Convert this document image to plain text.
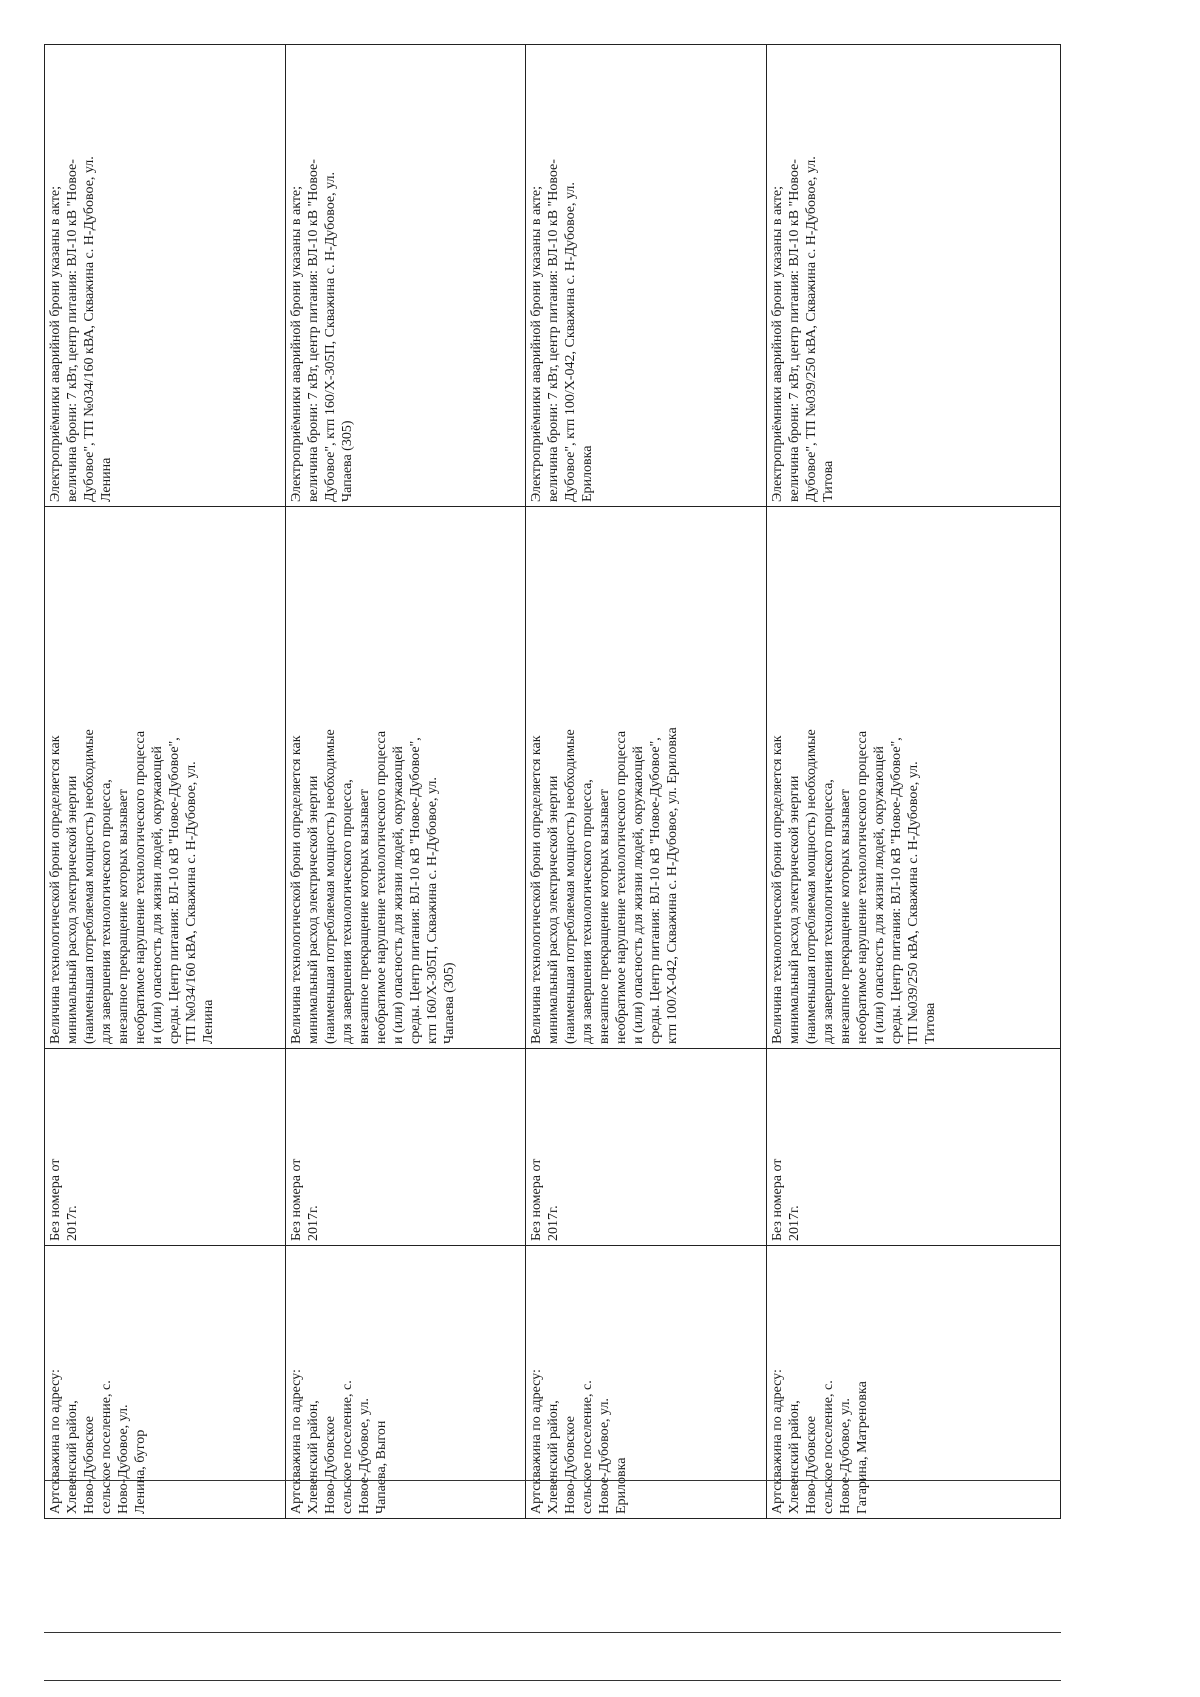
Артскважина по адресу:
Хлевенский район,
Ново-Дубовское
сельское поселение, с.
Ново-Дубовое, ул.
Ленина, бугор
Без номера от
2017г.
Величина технологической брони определяется как
минимальный расход электрической энергии
(наименьшая потребляемая мощность) необходимые
для завершения технологического процесса,
внезапное прекращение которых вызывает
необратимое нарушение технологического процесса
и (или) опасность для жизни людей, окружающей
среды. Центр питания: ВЛ-10 кВ "Новое-Дубовое",
ТП №034/160 кВА, Скважина с. Н-Дубовое, ул.
Ленина
Электроприёмники аварийной брони указаны в акте;
величина брони: 7 кВт, центр питания: ВЛ-10 кВ "Новое-
Дубовое", ТП №034/160 кВА, Скважина с. Н-Дубовое, ул.
Ленина
Артскважина по адресу:
Хлевенский район,
Ново-Дубовское
сельское поселение, с.
Новое-Дубовое, ул.
Чапаева, Выгон
Без номера от
2017г.
Величина технологической брони определяется как
минимальный расход электрической энергии
(наименьшая потребляемая мощность) необходимые
для завершения технологического процесса,
внезапное прекращение которых вызывает
необратимое нарушение технологического процесса
и (или) опасность для жизни людей, окружающей
среды. Центр питания: ВЛ-10 кВ "Новое-Дубовое",
ктп 160/Х-305П, Скважина с. Н-Дубовое, ул.
Чапаева (305)
Электроприёмники аварийной брони указаны в акте;
величина брони: 7 кВт, центр питания: ВЛ-10 кВ "Новое-
Дубовое", ктп 160/Х-305П, Скважина с. Н-Дубовое, ул.
Чапаева (305)
Артскважина по адресу:
Хлевенский район,
Ново-Дубовское
сельское поселение, с.
Новое-Дубовое, ул.
Ериловка
Без номера от
2017г.
Величина технологической брони определяется как
минимальный расход электрической энергии
(наименьшая потребляемая мощность) необходимые
для завершения технологического процесса,
внезапное прекращение которых вызывает
необратимое нарушение технологического процесса
и (или) опасность для жизни людей, окружающей
среды. Центр питания: ВЛ-10 кВ "Новое-Дубовое",
ктп 100/Х-042, Скважина с. Н-Дубовое, ул. Ериловка
Электроприёмники аварийной брони указаны в акте;
величина брони: 7 кВт, центр питания: ВЛ-10 кВ "Новое-
Дубовое", ктп 100/Х-042, Скважина с. Н-Дубовое, ул.
Ериловка
Артскважина по адресу:
Хлевенский район,
Ново-Дубовское
сельское поселение, с.
Новое-Дубовое, ул.
Гагарина, Матреновка
Без номера от
2017г.
Величина технологической брони определяется как
минимальный расход электрической энергии
(наименьшая потребляемая мощность) необходимые
для завершения технологического процесса,
внезапное прекращение которых вызывает
необратимое нарушение технологического процесса
и (или) опасность для жизни людей, окружающей
среды. Центр питания: ВЛ-10 кВ "Новое-Дубовое",
ТП №039/250 кВА, Скважина с. Н-Дубовое, ул.
Титова
Электроприёмники аварийной брони указаны в акте;
величина брони: 7 кВт, центр питания: ВЛ-10 кВ "Новое-
Дубовое", ТП №039/250 кВА, Скважина с. Н-Дубовое, ул.
Титова
